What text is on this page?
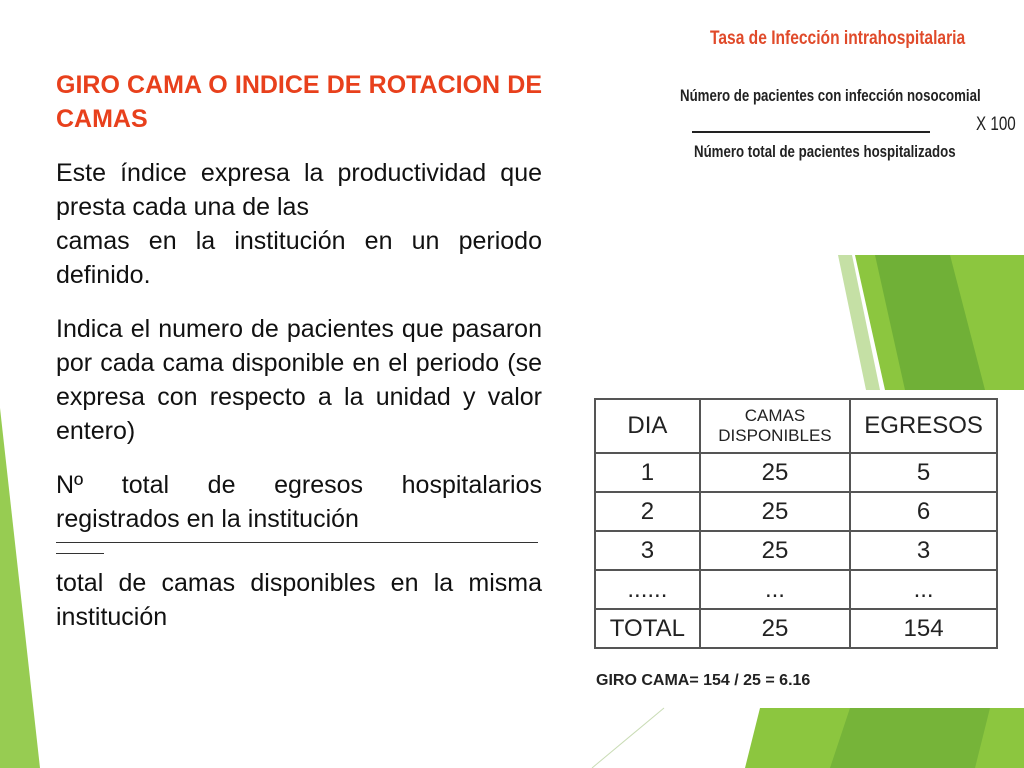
GIRO CAMA O INDICE DE ROTACION DE CAMAS

Este índice expresa la productividad que presta cada una de las

camas en la institución en un periodo definido.

Indica el numero de pacientes que pasaron por cada cama disponible en el periodo (se expresa con respecto a la unidad y valor entero)

Nº total de egresos hospitalarios registrados en la institución

total de camas disponibles en la misma institución

Tasa de Infección intrahospitalaria
Número de pacientes con infección nosocomial
Número total de pacientes hospitalizados
X 100
DIA	CAMAS DISPONIBLES	EGRESOS
1	25	5
2	25	6
3	25	3
......	...	...
TOTAL	25	154
GIRO CAMA= 154 / 25 = 6.16
